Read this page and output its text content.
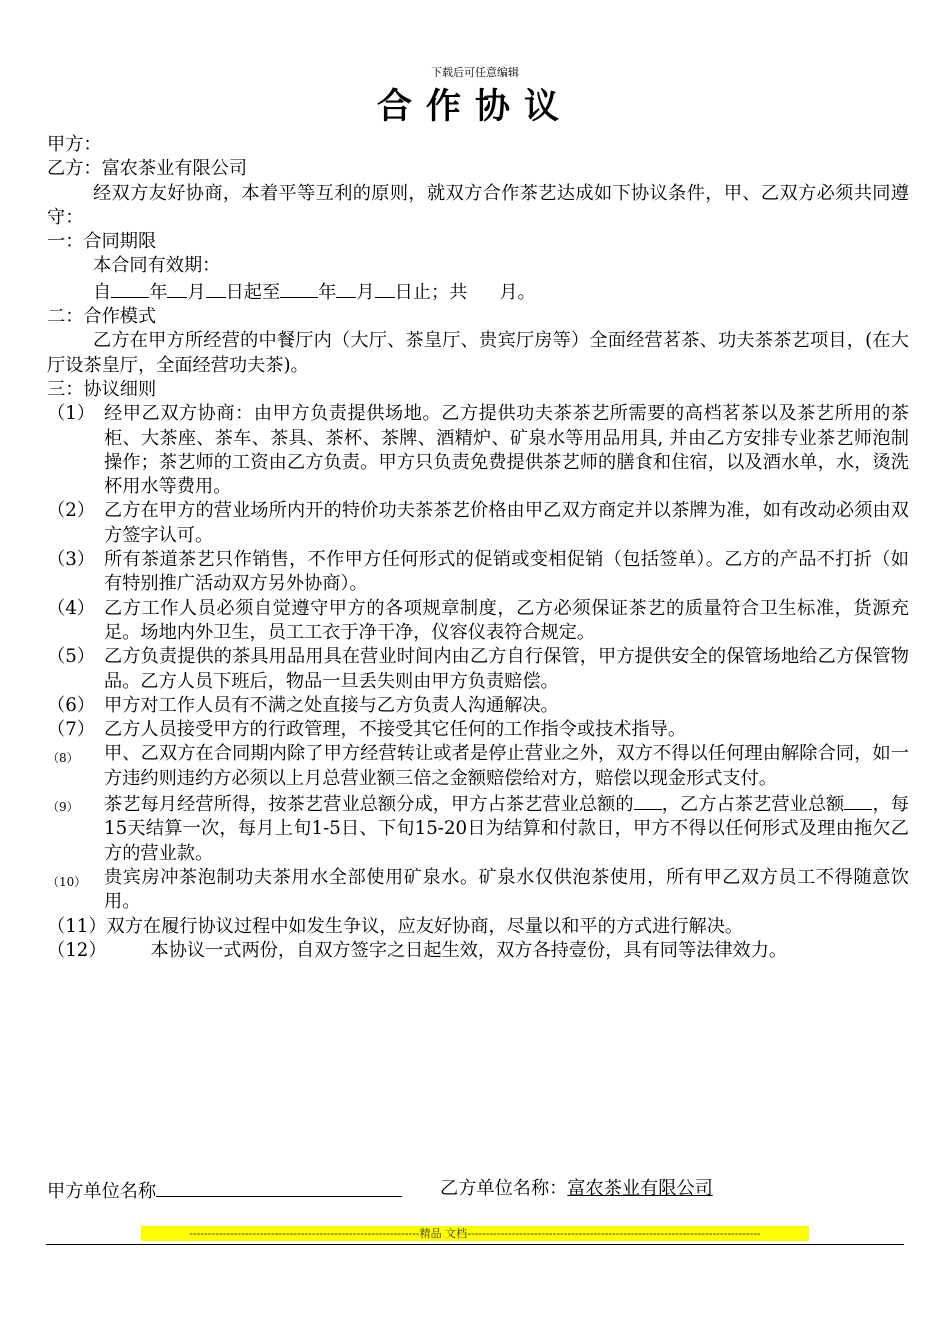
下载后可任意编辑
合作协议
甲方：
乙方：富农茶业有限公司
经双方友好协商，本着平等互利的原则，就双方合作茶艺达成如下协议条件，甲、乙双方必须共同遵守：
一：合同期限
本合同有效期：
自 年 月 日起至 年 月 日止；共 月。
二：合作模式
乙方在甲方所经营的中餐厅内（大厅、茶皇厅、贵宾厅房等）全面经营茗茶、功夫茶茶艺项目，(在大厅设茶皇厅，全面经营功夫茶)。
三：协议细则
（1） 经甲乙双方协商：由甲方负责提供场地。乙方提供功夫茶茶艺所需要的高档茗茶以及茶艺所用的茶柜、大茶座、茶车、茶具、茶杯、茶牌、酒精炉、矿泉水等用品用具, 并由乙方安排专业茶艺师泡制操作；茶艺师的工资由乙方负责。甲方只负责免费提供茶艺师的膳食和住宿，以及酒水单，水，烫洗杯用水等费用。
（2） 乙方在甲方的营业场所内开的特价功夫茶茶艺价格由甲乙双方商定并以茶牌为准，如有改动必须由双方签字认可。
（3） 所有茶道茶艺只作销售，不作甲方任何形式的促销或变相促销（包括签单）。乙方的产品不打折（如有特别推广活动双方另外协商）。
（4） 乙方工作人员必须自觉遵守甲方的各项规章制度，乙方必须保证茶艺的质量符合卫生标准，货源充足。场地内外卫生，员工工衣于净干净，仪容仪表符合规定。
（5） 乙方负责提供的茶具用品用具在营业时间内由乙方自行保管，甲方提供安全的保管场地给乙方保管物品。乙方人员下班后，物品一旦丢失则由甲方负责赔偿。
（6） 甲方对工作人员有不满之处直接与乙方负责人沟通解决。
（7） 乙方人员接受甲方的行政管理，不接受其它任何的工作指令或技术指导。
（8）	甲、乙双方在合同期内除了甲方经营转让或者是停止营业之外，双方不得以任何理由解除合同，如一方违约则违约方必须以上月总营业额三倍之金额赔偿给对方，赔偿以现金形式支付。
（9）	茶艺每月经营所得，按茶艺营业总额分成，甲方占茶艺营业总额的 ，乙方占茶艺营业总额 ，每15天结算一次，每月上旬1-5日、下旬15-20日为结算和付款日，甲方不得以任何形式及理由拖欠乙方的营业款。
（10） 贵宾房冲茶泡制功夫茶用水全部使用矿泉水。矿泉水仅供泡茶使用，所有甲乙双方员工不得随意饮用。
（11） 双方在履行协议过程中如发生争议，应友好协商，尽量以和平的方式进行解决。
（12）	本协议一式两份，自双方签字之日起生效，双方各持壹份，具有同等法律效力。
甲方单位名称	乙方单位名称：富农茶业有限公司
--------------------------------------------------------------精品 文档-------------------------------------------------------------------------------
